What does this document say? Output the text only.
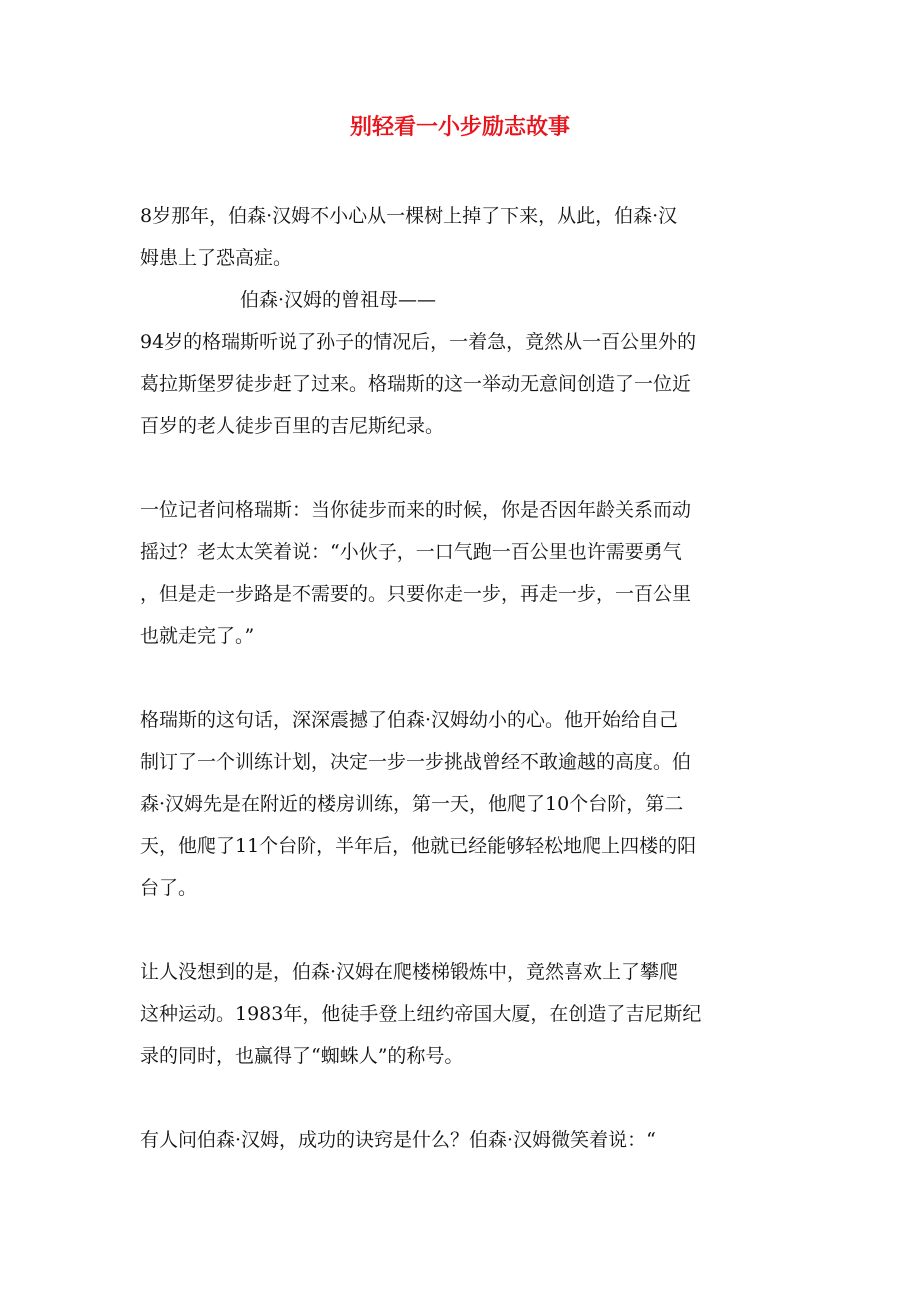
别轻看一小步励志故事
8岁那年，伯森·汉姆不小心从一棵树上掉了下来，从此，伯森·汉
姆患上了恐高症。
伯森·汉姆的曾祖母——
94岁的格瑞斯听说了孙子的情况后，一着急，竟然从一百公里外的
葛拉斯堡罗徒步赶了过来。格瑞斯的这一举动无意间创造了一位近
百岁的老人徒步百里的吉尼斯纪录。
一位记者问格瑞斯：当你徒步而来的时候，你是否因年龄关系而动
摇过？老太太笑着说：“小伙子，一口气跑一百公里也许需要勇气
，但是走一步路是不需要的。只要你走一步，再走一步，一百公里
也就走完了。”
格瑞斯的这句话，深深震撼了伯森·汉姆幼小的心。他开始给自己
制订了一个训练计划，决定一步一步挑战曾经不敢逾越的高度。伯
森·汉姆先是在附近的楼房训练，第一天，他爬了10个台阶，第二
天，他爬了11个台阶，半年后，他就已经能够轻松地爬上四楼的阳
台了。
让人没想到的是，伯森·汉姆在爬楼梯锻炼中，竟然喜欢上了攀爬
这种运动。1983年，他徒手登上纽约帝国大厦，在创造了吉尼斯纪
录的同时，也赢得了“蜘蛛人”的称号。
有人问伯森·汉姆，成功的诀窍是什么？伯森·汉姆微笑着说：“
